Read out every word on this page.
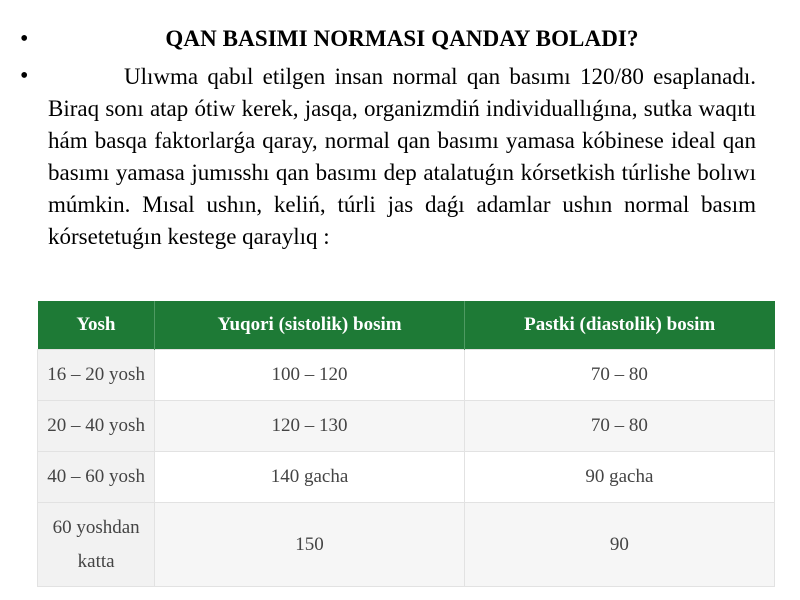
•	QAN BASIMI NORMASI QANDAY BOLADI?
•	Ulıwma qabıl etilgen insan normal qan basımı 120/80 esaplanadı. Biraq sonı atap ótiw kerek, jasqa, organizmdiń individuallıǵına, sutka waqıtı hám basqa faktorlarǵa qaray, normal qan basımı yamasa kóbinese ideal qan basımı yamasa jumısshı qan basımı dep atalatuǵın kórsetkish túrlishe bolıwı múmkin. Mısal ushın, keliń, túrli jas daǵı adamlar ushın normal basım kórsetetuǵın kestege qaraylıq :
Yosh	Yuqori (sistolik) bosim	Pastki (diastolik) bosim
16 – 20 yosh	100 – 120	70 – 80
20 – 40 yosh	120 – 130	70 – 80
40 – 60 yosh	140 gacha	90 gacha
60 yoshdan katta	150	90
